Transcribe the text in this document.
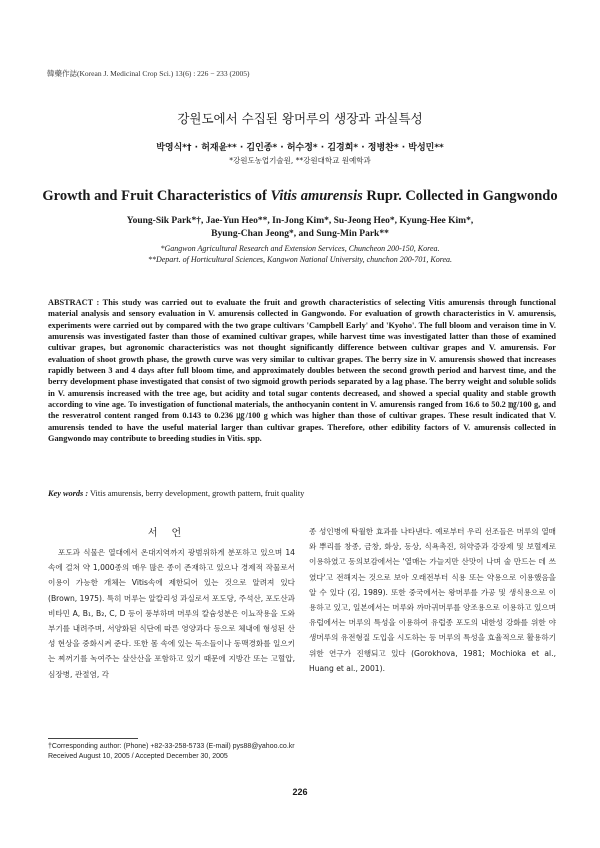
韓藥作誌(Korean J. Medicinal Crop Sci.) 13(6) : 226 − 233 (2005)
강원도에서 수집된 왕머루의 생장과 과실특성
박영식*† · 허재윤** · 김인종* · 허수정* · 김경희* · 정병찬* · 박성민**
*강원도농업기술원, **강원대학교 원예학과
Growth and Fruit Characteristics of Vitis amurensis Rupr. Collected in Gangwondo
Young-Sik Park*†, Jae-Yun Heo**, In-Jong Kim*, Su-Jeong Heo*, Kyung-Hee Kim*,
Byung-Chan Jeong*, and Sung-Min Park**
*Gangwon Agricultural Research and Extension Services, Chuncheon 200-150, Korea.
**Depart. of Horticultural Sciences, Kangwon National University, chunchon 200-701, Korea.
ABSTRACT : This study was carried out to evaluate the fruit and growth characteristics of selecting Vitis amurensis through functional material analysis and sensory evaluation in V. amurensis collected in Gangwondo. For evaluation of growth characteristics in V. amurensis, experiments were carried out by compared with the two grape cultivars 'Campbell Early' and 'Kyoho'. The full bloom and veraison time in V. amurensis was investigated faster than those of examined cultivar grapes, while harvest time was investigated latter than those of examined cultivar grapes, but agronomic characteristics was not thought significantly difference between cultivar grapes and V. amurensis. For evaluation of shoot growth phase, the growth curve was very similar to cultivar grapes. The berry size in V. amurensis showed that increases rapidly between 3 and 4 days after full bloom time, and approximately doubles between the second growth period and harvest time, and the berry development phase investigated that consist of two sigmoid growth periods separated by a lag phase. The berry weight and soluble solids in V. amurensis increased with the tree age, but acidity and total sugar contents decreased, and showed a special quality and stable growth according to vine age. To investigation of functional materials, the anthocyanin content in V. amurensis ranged from 16.6 to 50.2 ㎎/100 g, and the resveratrol content ranged from 0.143 to 0.236 ㎍/100 g which was higher than those of cultivar grapes. These result indicated that V. amurensis tended to have the useful material larger than cultivar grapes. Therefore, other edibility factors of V. amurensis collected in Gangwondo may contribute to breeding studies in Vitis. spp.
Key words : Vitis amurensis, berry development, growth pattern, fruit quality
서언
포도과 식물은 열대에서 온대지역까지 광범위하게 분포하고 있으며 14속에 걸쳐 약 1,000종의 매우 많은 종이 존재하고 있으나 경제적 작물로서 이용이 가능한 개체는 Vitis속에 제한되어 있는 것으로 알려져 있다 (Brown, 1975). 특히 머루는 알칼리성 과실로서 포도당, 주석산, 포도산과 비타민 A, B₁, B₂, C, D 등이 풍부하며 머루의 칼슘성분은 이뇨작용을 도와 부기를 내려주며, 서양화된 식단에 따른 영양과다 등으로 체내에 형성된 산성 현상을 중화시켜 준다. 또한 몸 속에 있는 독소들이나 동맥경화를 일으키는 찌꺼기를 녹여주는 살산산을 포함하고 있기 때문에 지방간 또는 고혈압, 심장병, 관절염, 각
종 성인병에 탁월한 효과를 나타낸다. 예로부터 우리 선조들은 머루의 열매와 뿌리를 창종, 금창, 화상, 동상, 식욕촉진, 허약증과 강장제 및 보혈제로 이용하였고 동의보감에서는 '열매는 가늘지만 산맛이 나며 술 만드는 데 쓰였다'고 전해지는 것으로 보아 오래전부터 식용 또는 약용으로 이용했음을 알 수 있다 (김, 1989). 또한 중국에서는 왕머루를 가공 및 생식용으로 이용하고 있고, 일본에서는 머루와 까마귀머루를 양조용으로 이용하고 있으며 유럽에서는 머루의 특성을 이용하여 유럽종 포도의 내한성 강화를 위한 야생머루의 유전형질 도입을 시도하는 등 머루의 특성을 효율적으로 활용하기 위한 연구가 진행되고 있다 (Gorokhova, 1981; Mochioka et al., Huang et al., 2001).
†Corresponding author: (Phone) +82-33-258-5733 (E-mail) pys88@yahoo.co.kr
Received August 10, 2005 / Accepted December 30, 2005
226
